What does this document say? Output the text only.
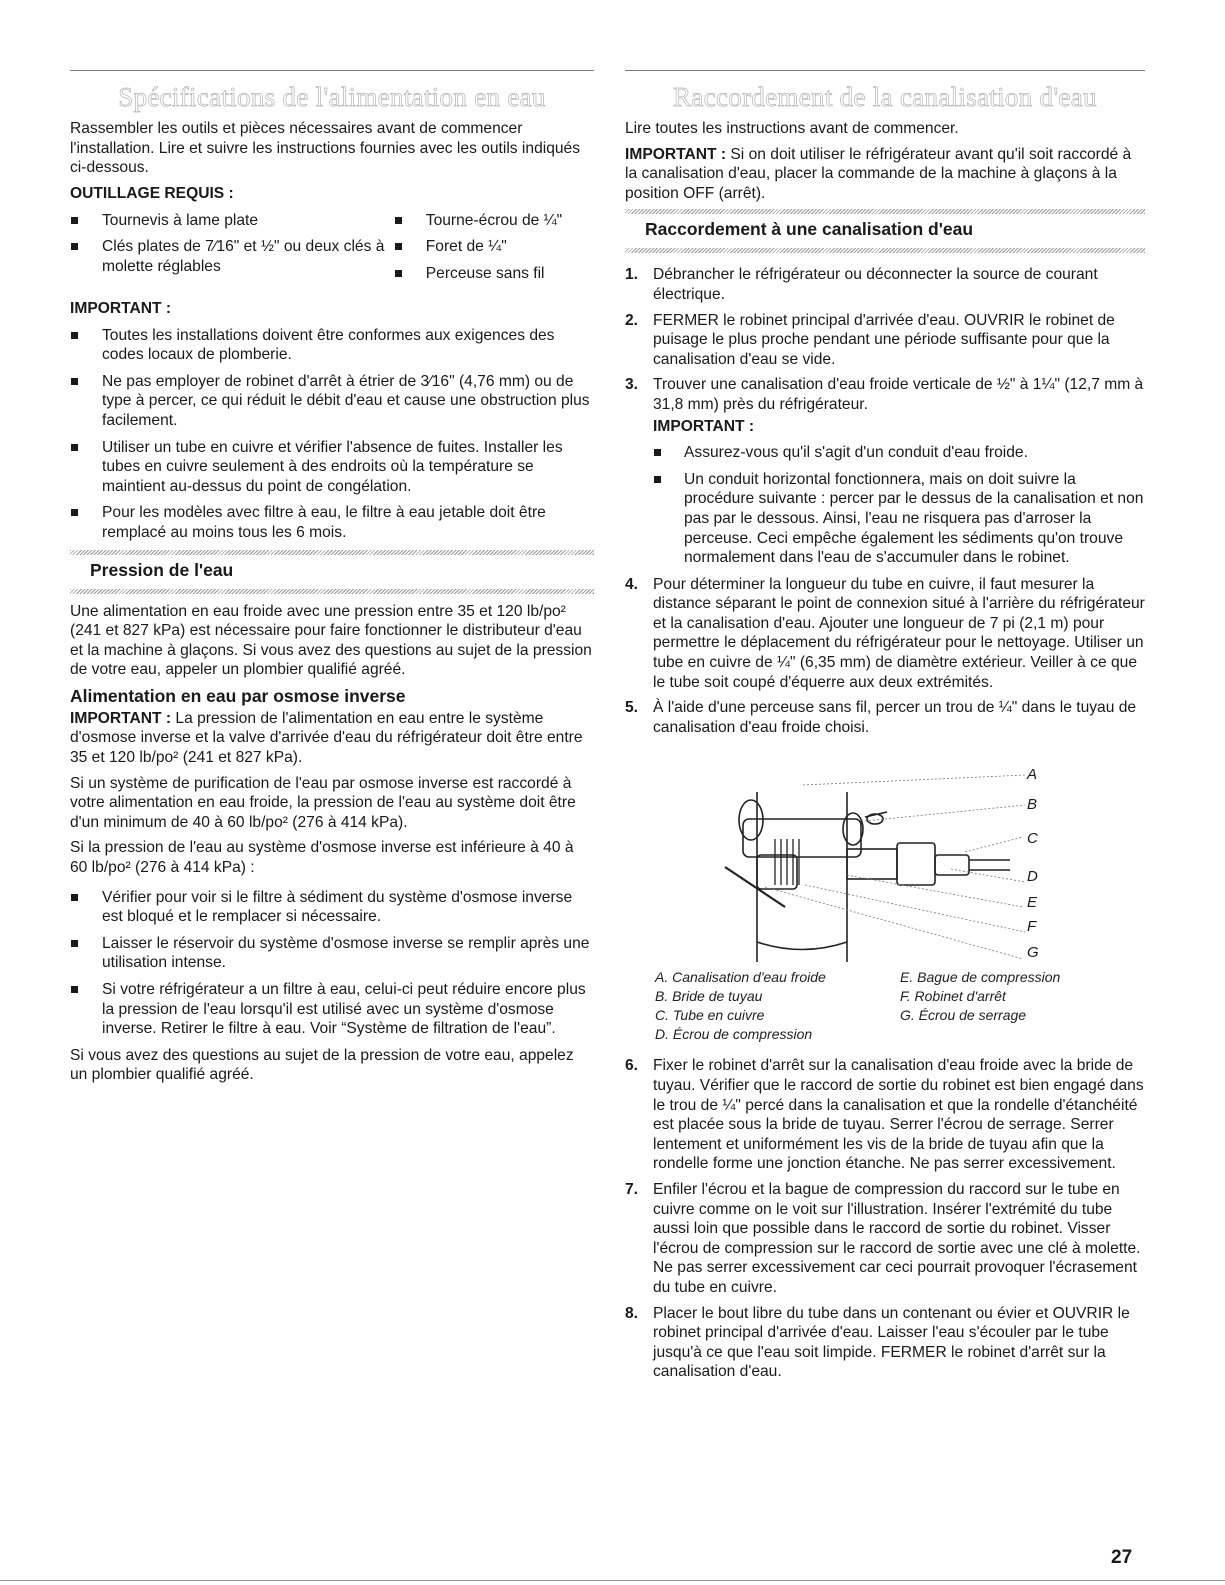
Spécifications de l'alimentation en eau

Rassembler les outils et pièces nécessaires avant de commencer l'installation. Lire et suivre les instructions fournies avec les outils indiqués ci-dessous.

OUTILLAGE REQUIS :
Tournevis à lame plate
Clés plates de 7⁄16" et ½" ou deux clés à molette réglables
Tourne-écrou de ¼"
Foret de ¼"
Perceuse sans fil
IMPORTANT :
Toutes les installations doivent être conformes aux exigences des codes locaux de plomberie.
Ne pas employer de robinet d'arrêt à étrier de 3⁄16" (4,76 mm) ou de type à percer, ce qui réduit le débit d'eau et cause une obstruction plus facilement.
Utiliser un tube en cuivre et vérifier l'absence de fuites. Installer les tubes en cuivre seulement à des endroits où la température se maintient au-dessus du point de congélation.
Pour les modèles avec filtre à eau, le filtre à eau jetable doit être remplacé au moins tous les 6 mois.
Pression de l'eau

Une alimentation en eau froide avec une pression entre 35 et 120 lb/po² (241 et 827 kPa) est nécessaire pour faire fonctionner le distributeur d'eau et la machine à glaçons. Si vous avez des questions au sujet de la pression de votre eau, appeler un plombier qualifié agréé.

Alimentation en eau par osmose inverse

IMPORTANT : La pression de l'alimentation en eau entre le système d'osmose inverse et la valve d'arrivée d'eau du réfrigérateur doit être entre 35 et 120 lb/po² (241 et 827 kPa).

Si un système de purification de l'eau par osmose inverse est raccordé à votre alimentation en eau froide, la pression de l'eau au système doit être d'un minimum de 40 à 60 lb/po² (276 à 414 kPa).

Si la pression de l'eau au système d'osmose inverse est inférieure à 40 à 60 lb/po² (276 à 414 kPa) :

Vérifier pour voir si le filtre à sédiment du système d'osmose inverse est bloqué et le remplacer si nécessaire.
Laisser le réservoir du système d'osmose inverse se remplir après une utilisation intense.
Si votre réfrigérateur a un filtre à eau, celui-ci peut réduire encore plus la pression de l'eau lorsqu'il est utilisé avec un système d'osmose inverse. Retirer le filtre à eau. Voir “Système de filtration de l'eau”.

Si vous avez des questions au sujet de la pression de votre eau, appelez un plombier qualifié agréé.

Raccordement de la canalisation d'eau

Lire toutes les instructions avant de commencer.

IMPORTANT : Si on doit utiliser le réfrigérateur avant qu'il soit raccordé à la canalisation d'eau, placer la commande de la machine à glaçons à la position OFF (arrêt).

Raccordement à une canalisation d'eau
1. Débrancher le réfrigérateur ou déconnecter la source de courant électrique.
2. FERMER le robinet principal d'arrivée d'eau. OUVRIR le robinet de puisage le plus proche pendant une période suffisante pour que la canalisation d'eau se vide.
3. Trouver une canalisation d'eau froide verticale de ½" à 1¼" (12,7 mm à 31,8 mm) près du réfrigérateur.
IMPORTANT :
Assurez-vous qu'il s'agit d'un conduit d'eau froide.
Un conduit horizontal fonctionnera, mais on doit suivre la procédure suivante : percer par le dessus de la canalisation et non pas par le dessous. Ainsi, l'eau ne risquera pas d'arroser la perceuse. Ceci empêche également les sédiments qu'on trouve normalement dans l'eau de s'accumuler dans le robinet.
4. Pour déterminer la longueur du tube en cuivre, il faut mesurer la distance séparant le point de connexion situé à l'arrière du réfrigérateur et la canalisation d'eau. Ajouter une longueur de 7 pi (2,1 m) pour permettre le déplacement du réfrigérateur pour le nettoyage. Utiliser un tube en cuivre de ¼" (6,35 mm) de diamètre extérieur. Veiller à ce que le tube soit coupé d'équerre aux deux extrémités.
5. À l'aide d'une perceuse sans fil, percer un trou de ¼" dans le tuyau de canalisation d'eau froide choisi.
A
B
C
D
E
F
G
A. Canalisation d'eau froide
B. Bride de tuyau
C. Tube en cuivre
D. Écrou de compression
E. Bague de compression
F. Robinet d'arrêt
G. Écrou de serrage
6. Fixer le robinet d'arrêt sur la canalisation d'eau froide avec la bride de tuyau. Vérifier que le raccord de sortie du robinet est bien engagé dans le trou de ¼" percé dans la canalisation et que la rondelle d'étanchéité est placée sous la bride de tuyau. Serrer l'écrou de serrage. Serrer lentement et uniformément les vis de la bride de tuyau afin que la rondelle forme une jonction étanche. Ne pas serrer excessivement.
7. Enfiler l'écrou et la bague de compression du raccord sur le tube en cuivre comme on le voit sur l'illustration. Insérer l'extrémité du tube aussi loin que possible dans le raccord de sortie du robinet. Visser l'écrou de compression sur le raccord de sortie avec une clé à molette. Ne pas serrer excessivement car ceci pourrait provoquer l'écrasement du tube en cuivre.
8. Placer le bout libre du tube dans un contenant ou évier et OUVRIR le robinet principal d'arrivée d'eau. Laisser l'eau s'écouler par le tube jusqu'à ce que l'eau soit limpide. FERMER le robinet d'arrêt sur la canalisation d'eau.
27
